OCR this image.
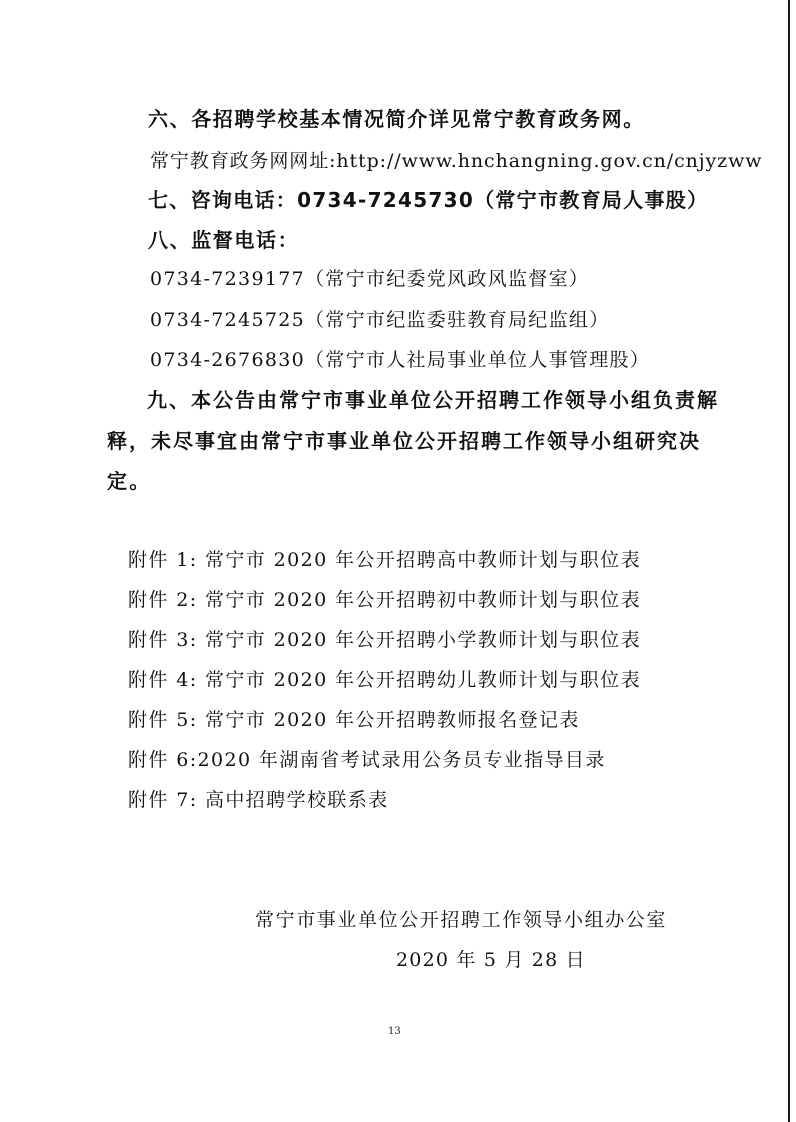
六、各招聘学校基本情况简介详见常宁教育政务网。
常宁教育政务网网址:http://www.hnchangning.gov.cn/cnjyzww
七、咨询电话：0734-7245730（常宁市教育局人事股）
八、监督电话：
0734-7239177（常宁市纪委党风政风监督室）
0734-7245725（常宁市纪监委驻教育局纪监组）
0734-2676830（常宁市人社局事业单位人事管理股）
九、本公告由常宁市事业单位公开招聘工作领导小组负责解
释，未尽事宜由常宁市事业单位公开招聘工作领导小组研究决
定。
附件 1: 常宁市 2020 年公开招聘高中教师计划与职位表
附件 2: 常宁市 2020 年公开招聘初中教师计划与职位表
附件 3: 常宁市 2020 年公开招聘小学教师计划与职位表
附件 4: 常宁市 2020 年公开招聘幼儿教师计划与职位表
附件 5: 常宁市 2020 年公开招聘教师报名登记表
附件 6:2020 年湖南省考试录用公务员专业指导目录
附件 7: 高中招聘学校联系表
常宁市事业单位公开招聘工作领导小组办公室
2020 年 5 月 28 日
13
